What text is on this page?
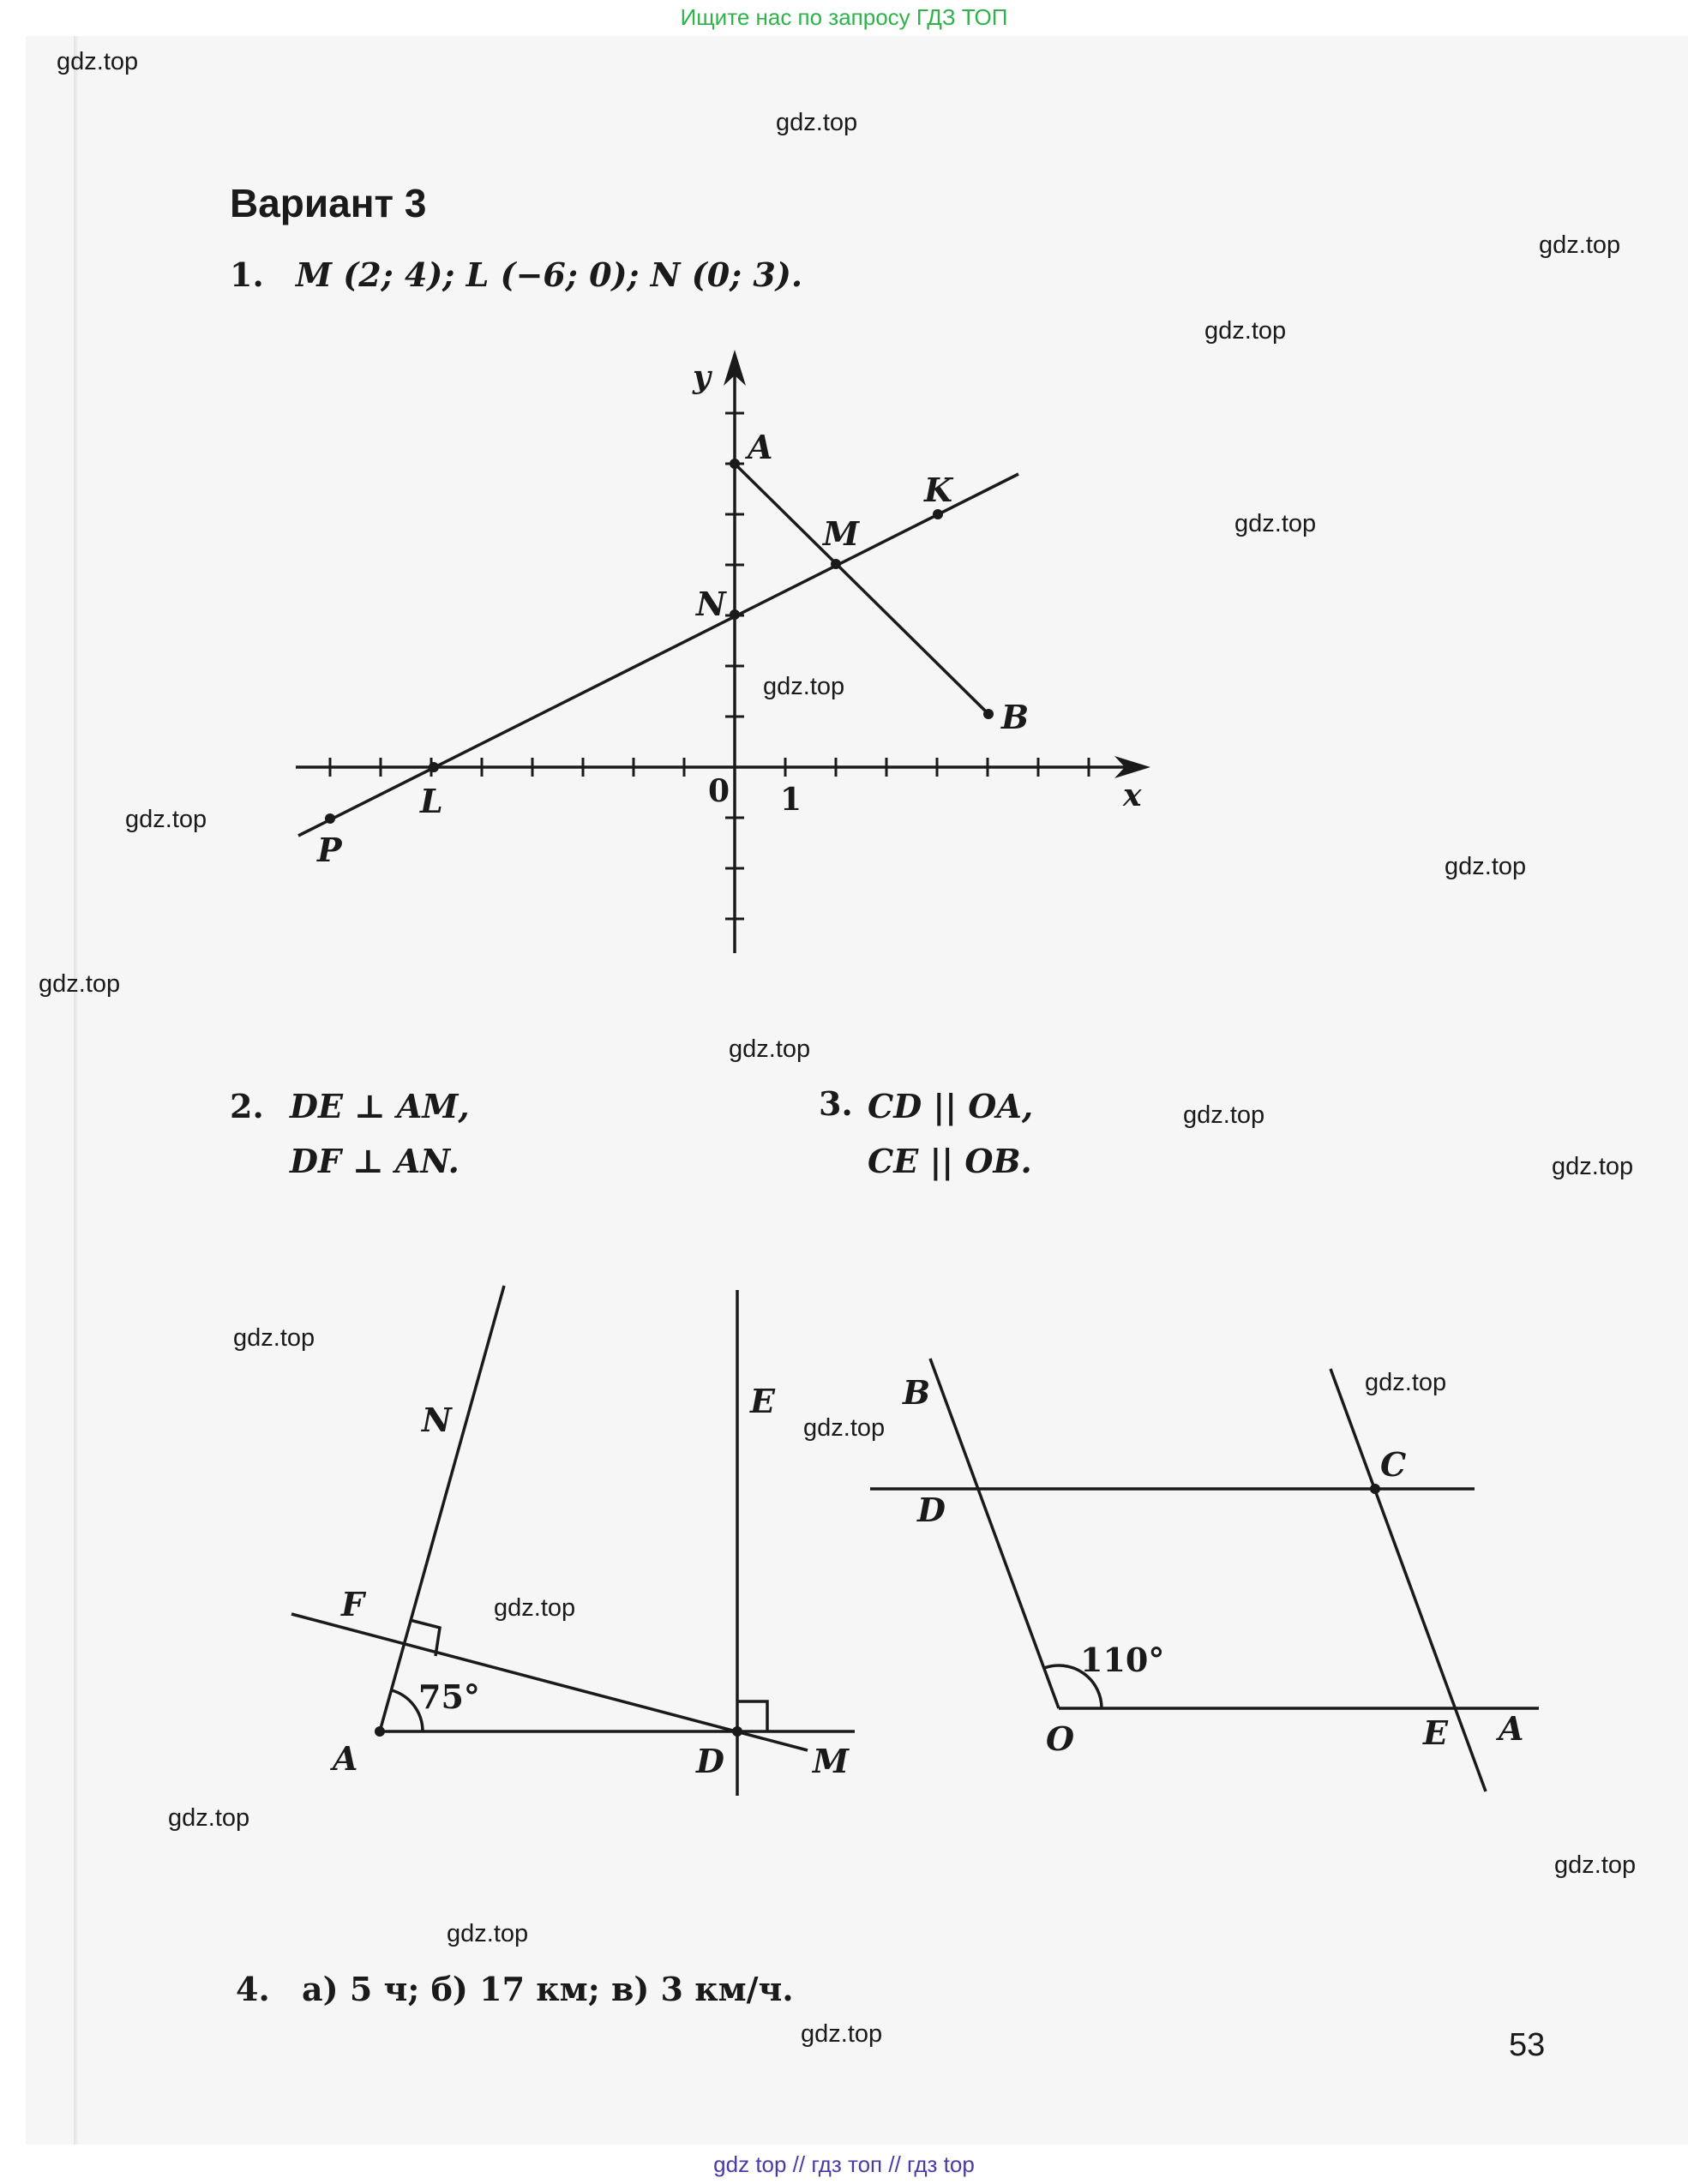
Ищите нас по запросу ГДЗ ТОП
gdz top // гдз топ // гдз top
gdz.top
gdz.top
gdz.top
gdz.top
gdz.top
gdz.top
gdz.top
gdz.top
gdz.top
gdz.top
gdz.top
gdz.top
gdz.top
gdz.top
gdz.top
gdz.top
gdz.top
gdz.top
gdz.top
gdz.top
Вариант 3
1. M (2; 4); L (−6; 0); N (0; 3).
2. DE ⊥ AM,
DF ⊥ AN.
3. CD || OA,
CE || OB.
4. а) 5 ч; б) 17 км; в) 3 км/ч.
53
y
x
0 1
A
K
M
N
B
L
P
N	E
F
75°
A	D	M
B
C
D
110°
O	E A
